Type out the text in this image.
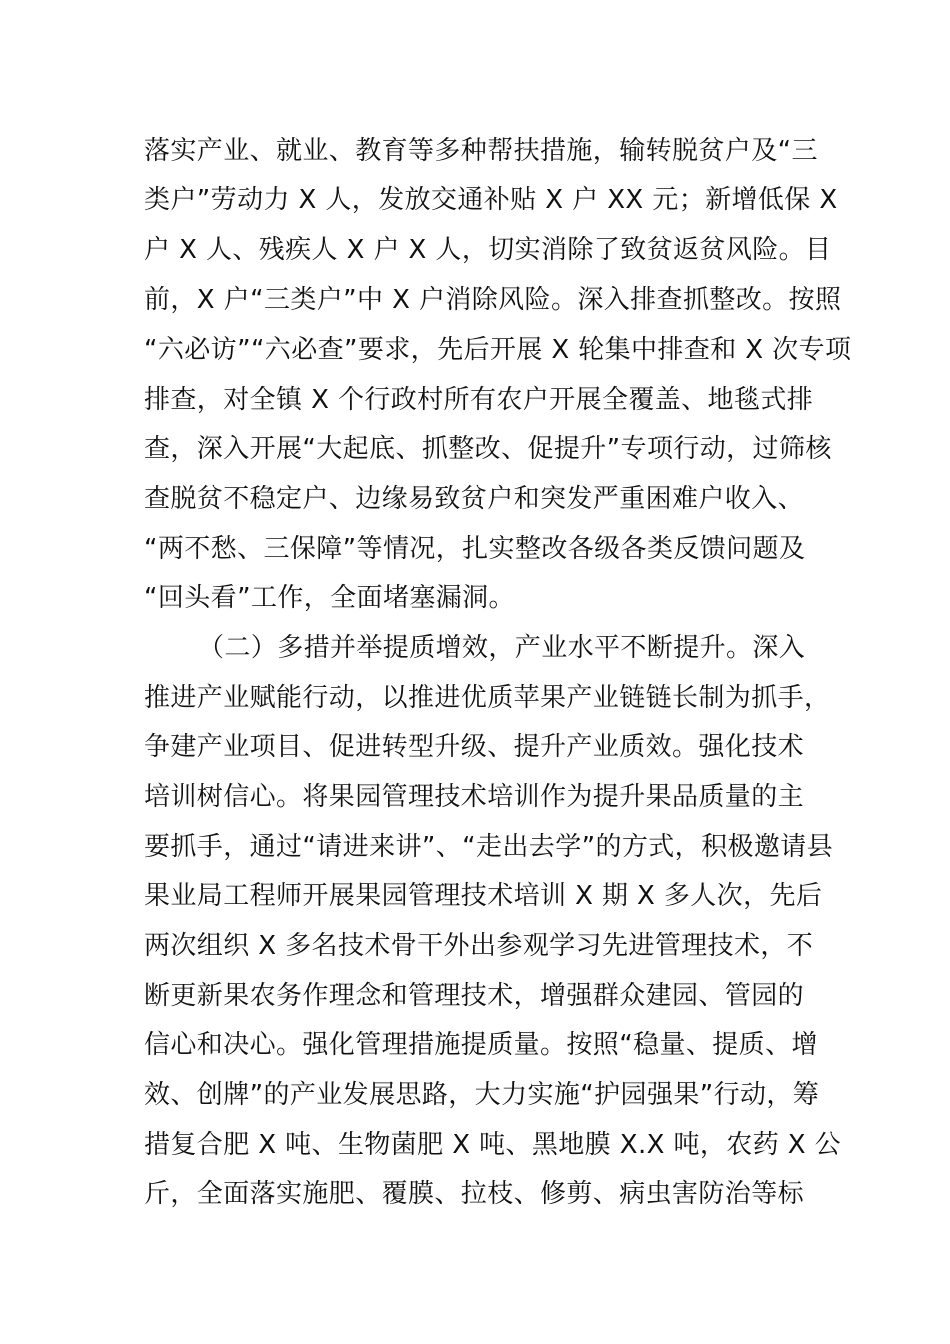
落实产业、就业、教育等多种帮扶措施，输转脱贫户及“三
类户”劳动力 X 人，发放交通补贴 X 户 XX 元；新增低保 X
户 X 人、残疾人 X 户 X 人，切实消除了致贫返贫风险。目
前，X 户“三类户”中 X 户消除风险。深入排查抓整改。按照
“六必访”“六必查”要求，先后开展 X 轮集中排查和 X 次专项
排查，对全镇 X 个行政村所有农户开展全覆盖、地毯式排
查，深入开展“大起底、抓整改、促提升”专项行动，过筛核
查脱贫不稳定户、边缘易致贫户和突发严重困难户收入、
“两不愁、三保障”等情况，扎实整改各级各类反馈问题及
“回头看”工作，全面堵塞漏洞。
（二）多措并举提质增效，产业水平不断提升。深入
推进产业赋能行动，以推进优质苹果产业链链长制为抓手，
争建产业项目、促进转型升级、提升产业质效。强化技术
培训树信心。将果园管理技术培训作为提升果品质量的主
要抓手，通过“请进来讲”、“走出去学”的方式，积极邀请县
果业局工程师开展果园管理技术培训 X 期 X 多人次，先后
两次组织 X 多名技术骨干外出参观学习先进管理技术，不
断更新果农务作理念和管理技术，增强群众建园、管园的
信心和决心。强化管理措施提质量。按照“稳量、提质、增
效、创牌”的产业发展思路，大力实施“护园强果”行动，筹
措复合肥 X 吨、生物菌肥 X 吨、黑地膜 X.X 吨，农药 X 公
斤，全面落实施肥、覆膜、拉枝、修剪、病虫害防治等标
